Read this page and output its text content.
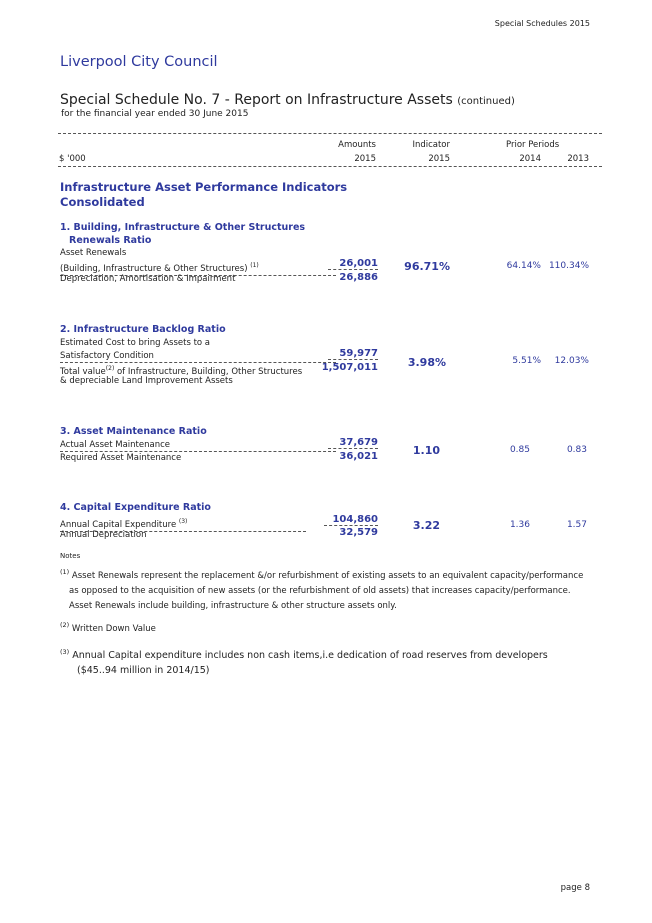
Special Schedules 2015
Liverpool City Council
Special Schedule No. 7 - Report on Infrastructure Assets (continued)
for the financial year ended 30 June 2015
Amounts	Indicator	Prior Periods
$ '000	2015	2015	2014	2013
Infrastructure Asset Performance Indicators
Consolidated
1. Building, Infrastructure & Other Structures
Renewals Ratio
Asset Renewals
(Building, Infrastructure & Other Structures) $^{(1)}$	26,001
Depreciation, Amortisation & Impairment	26,886
96.71%	64.14% 110.34%
2. Infrastructure Backlog Ratio
Estimated Cost to bring Assets to a
Satisfactory Condition	59,977
Total value$^{(2)}$ of Infrastructure, Building, Other Structures
& depreciable Land Improvement Assets
1,507,011	3.98%	5.51% 12.03%
3. Asset Maintenance Ratio
Actual Asset Maintenance	37,679
Required Asset Maintenance	36,021	1.10	0.85	0.83
4. Capital Expenditure Ratio
Annual Capital Expenditure $^{(3)}$	104,860
Annual Depreciation	32,579
3.22	1.36	1.57
Notes
$^{(1)}$ Asset Renewals represent the replacement &/or refurbishment of existing assets to an equivalent capacity/performance
as opposed to the acquisition of new assets (or the refurbishment of old assets) that increases capacity/performance.
Asset Renewals include building, infrastructure & other structure assets only.
$^{(2)}$ Written Down Value
$^{(3)}$ Annual Capital expenditure includes non cash items,i.e dedication of road reserves from developers
($45..94 million in 2014/15)
page 8
